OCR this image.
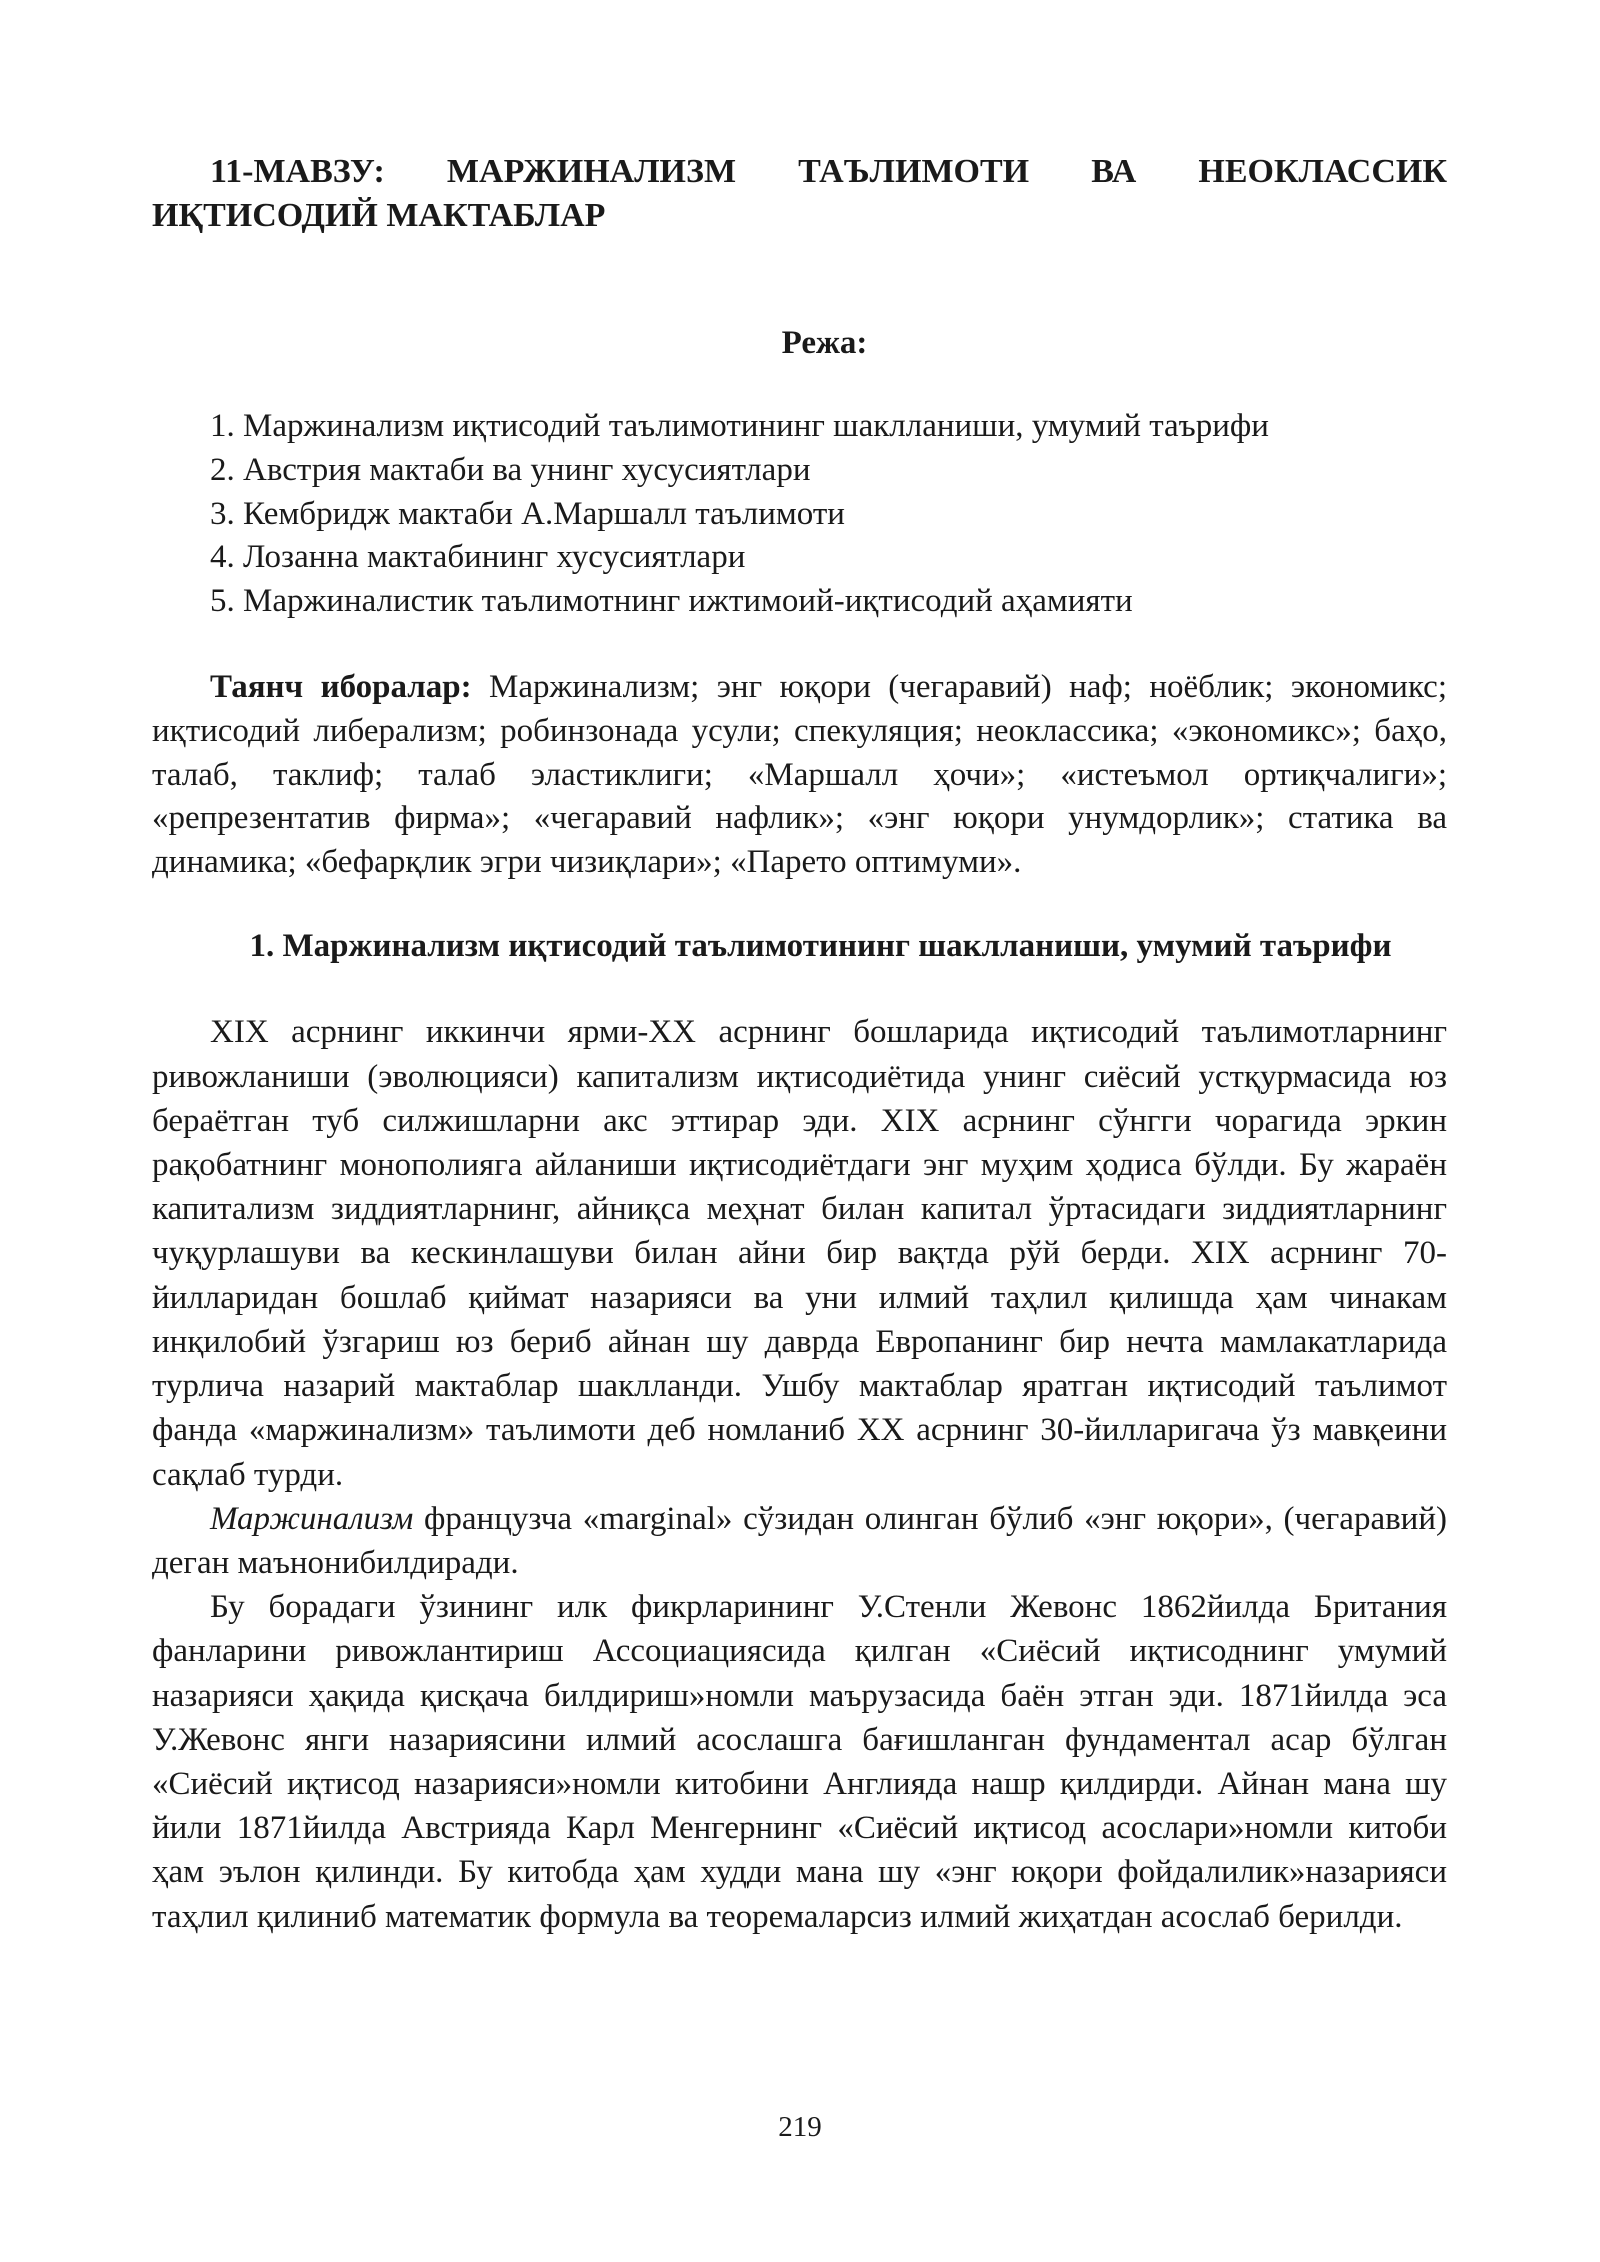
11-МАВЗУ: МАРЖИНАЛИЗМ ТАЪЛИМОТИ ВА НЕОКЛАССИК ИҚТИСОДИЙ МАКТАБЛАР
Режа:
1. Маржинализм иқтисодий таълимотининг шаклланиши, умумий таърифи
2. Австрия мактаби ва унинг хусусиятлари
3. Кембридж мактаби А.Маршалл таълимоти
4. Лозанна мактабининг хусусиятлари
5. Маржиналистик таълимотнинг ижтимоий-иқтисодий аҳамияти

Таянч иборалар: Маржинализм; энг юқори (чегаравий) наф; ноёблик; экономикс; иқтисодий либерализм; робинзонада усули; спекуляция; неоклассика; «экономикс»; баҳо, талаб, таклиф; талаб эластиклиги; «Маршалл ҳочи»; «истеъмол ортиқчалиги»; «репрезентатив фирма»; «чегаравий нафлик»; «энг юқори унумдорлик»; статика ва динамика; «бефарқлик эгри чизиқлари»; «Парето оптимуми».

1. Маржинализм иқтисодий таълимотининг шаклланиши, умумий таърифи

ХIХ асрнинг иккинчи ярми-ХХ асрнинг бошларида иқтисодий таълимотларнинг ривожланиши (эволюцияси) капитализм иқтисодиётида унинг сиёсий устқурмасида юз бераётган туб силжишларни акс эттирар эди. ХIХ асрнинг сўнгги чорагида эркин рақобатнинг монополияга айланиши иқтисодиётдаги энг муҳим ҳодиса бўлди. Бу жараён капитализм зиддиятларнинг, айниқса меҳнат билан капитал ўртасидаги зиддиятларнинг чуқурлашуви ва кескинлашуви билан айни бир вақтда рўй берди. ХIХ асрнинг 70-йилларидан бошлаб қиймат назарияси ва уни илмий таҳлил қилишда ҳам чинакам инқилобий ўзгариш юз бериб айнан шу даврда Европанинг бир нечта мамлакатларида турлича назарий мактаблар шаклланди. Ушбу мактаблар яратган иқтисодий таълимот фанда «маржинализм» таълимоти деб номланиб ХХ асрнинг 30-йилларигача ўз мавқеини сақлаб турди.

Маржинализм французча «marginal» сўзидан олинган бўлиб «энг юқори», (чегаравий) деган маънонибилдиради.

Бу борадаги ўзининг илк фикрларининг У.Стенли Жевонс 1862йилда Британия фанларини ривожлантириш Ассоциациясида қилган «Сиёсий иқтисоднинг умумий назарияси ҳақида қисқача билдириш»номли маърузасида баён этган эди. 1871йилда эса У.Жевонс янги назариясини илмий асослашга бағишланган фундаментал асар бўлган «Сиёсий иқтисод назарияси»номли китобини Англияда нашр қилдирди. Айнан мана шу йили 1871йилда Австрияда Карл Менгернинг «Сиёсий иқтисод асослари»номли китоби ҳам эълон қилинди. Бу китобда ҳам худди мана шу «энг юқори фойдалилик»назарияси таҳлил қилиниб математик формула ва теоремаларсиз илмий жиҳатдан асослаб берилди.

219
